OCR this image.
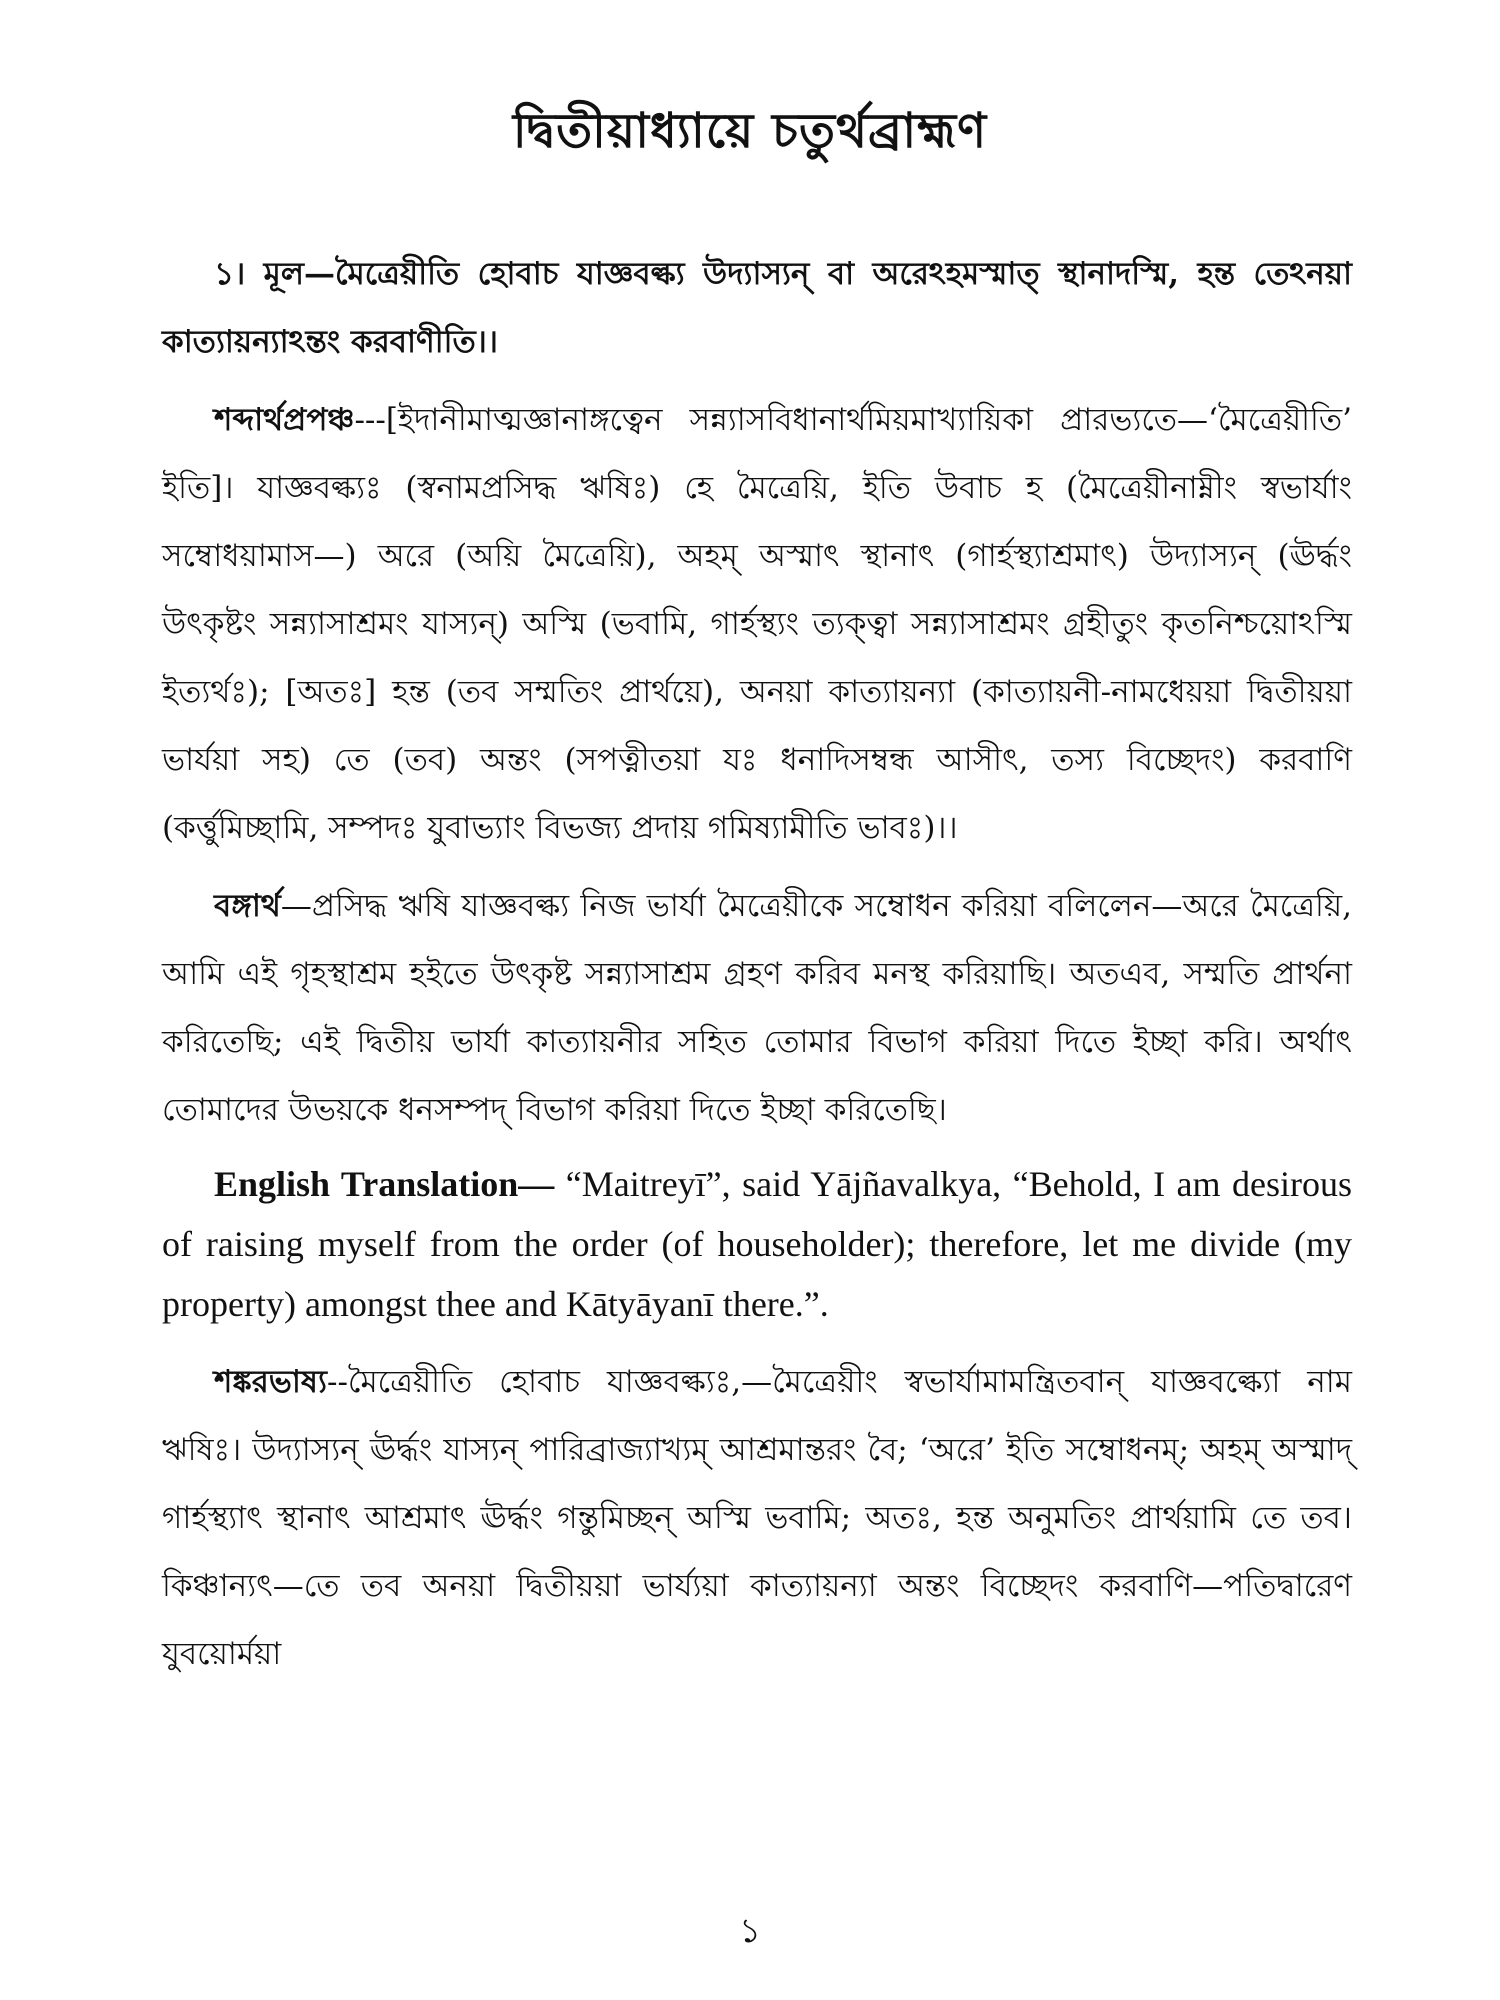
দ্বিতীয়াধ্যায়ে চতুর্থব্রাহ্মণ

১। মূল—মৈত্রেয়ীতি হোবাচ যাজ্ঞবল্ক্য উদ্যাস্যন্ বা অরেঽহমস্মাত্ স্থানাদস্মি, হন্ত তেঽনয়া কাত্যায়ন্যাঽন্তং করবাণীতি।।

শব্দার্থপ্রপঞ্চ---[ইদানীমাত্মজ্ঞানাঙ্গত্বেন সন্ন্যাসবিধানার্থমিয়মাখ্যায়িকা প্রারভ্যতে—‘মৈত্রেয়ীতি’ ইতি]। যাজ্ঞবল্ক্যঃ (স্বনামপ্রসিদ্ধ ঋষিঃ) হে মৈত্রেয়ি, ইতি উবাচ হ (মৈত্রেয়ীনাম্নীং স্বভার্যাং সম্বোধয়ামাস—) অরে (অয়ি মৈত্রেয়ি), অহম্ অস্মাৎ স্থানাৎ (গার্হস্থ্যাশ্রমাৎ) উদ্যাস্যন্ (ঊর্দ্ধং উৎকৃষ্টং সন্ন্যাসাশ্রমং যাস্যন্) অস্মি (ভবামি, গার্হস্থ্যং ত্যক্ত্বা সন্ন্যাসাশ্রমং গ্রহীতুং কৃতনিশ্চয়োঽস্মি ইত্যর্থঃ); [অতঃ] হন্ত (তব সম্মতিং প্রার্থয়ে), অনয়া কাত্যায়ন্যা (কাত্যায়নী-নামধেয়য়া দ্বিতীয়য়া ভার্যয়া সহ) তে (তব) অন্তং (সপত্নীতয়া যঃ ধনাদিসম্বন্ধ আসীৎ, তস্য বিচ্ছেদং) করবাণি (কর্ত্তুমিচ্ছামি, সম্পদঃ যুবাভ্যাং বিভজ্য প্রদায় গমিষ্যামীতি ভাবঃ)।।

বঙ্গার্থ—প্রসিদ্ধ ঋষি যাজ্ঞবল্ক্য নিজ ভার্যা মৈত্রেয়ীকে সম্বোধন করিয়া বলিলেন—অরে মৈত্রেয়ি, আমি এই গৃহস্থাশ্রম হইতে উৎকৃষ্ট সন্ন্যাসাশ্রম গ্রহণ করিব মনস্থ করিয়াছি। অতএব, সম্মতি প্রার্থনা করিতেছি; এই দ্বিতীয় ভার্যা কাত্যায়নীর সহিত তোমার বিভাগ করিয়া দিতে ইচ্ছা করি। অর্থাৎ তোমাদের উভয়কে ধনসম্পদ্ বিভাগ করিয়া দিতে ইচ্ছা করিতেছি।

English Translation— “Maitreyī”, said Yājñavalkya, “Behold, I am desirous of raising myself from the order (of householder); therefore, let me divide (my property) amongst thee and Kātyāyanī there.”.

শঙ্করভাষ্য--মৈত্রেয়ীতি হোবাচ যাজ্ঞবল্ক্যঃ,—মৈত্রেয়ীং স্বভার্যামামন্ত্রিতবান্ যাজ্ঞবল্ক্যো নাম ঋষিঃ। উদ্যাস্যন্ ঊর্দ্ধং যাস্যন্ পারিব্রাজ্যাখ্যম্ আশ্রমান্তরং বৈ; ‘অরে’ ইতি সম্বোধনম্; অহম্ অস্মাদ্ গার্হস্থ্যাৎ স্থানাৎ আশ্রমাৎ ঊর্দ্ধং গন্তুমিচ্ছন্ অস্মি ভবামি; অতঃ, হন্ত অনুমতিং প্রার্থয়ামি তে তব। কিঞ্চান্যৎ—তে তব অনয়া দ্বিতীয়য়া ভার্য্যয়া কাত্যায়ন্যা অন্তং বিচ্ছেদং করবাণি—পতিদ্বারেণ যুবয়োর্ময়া

১
